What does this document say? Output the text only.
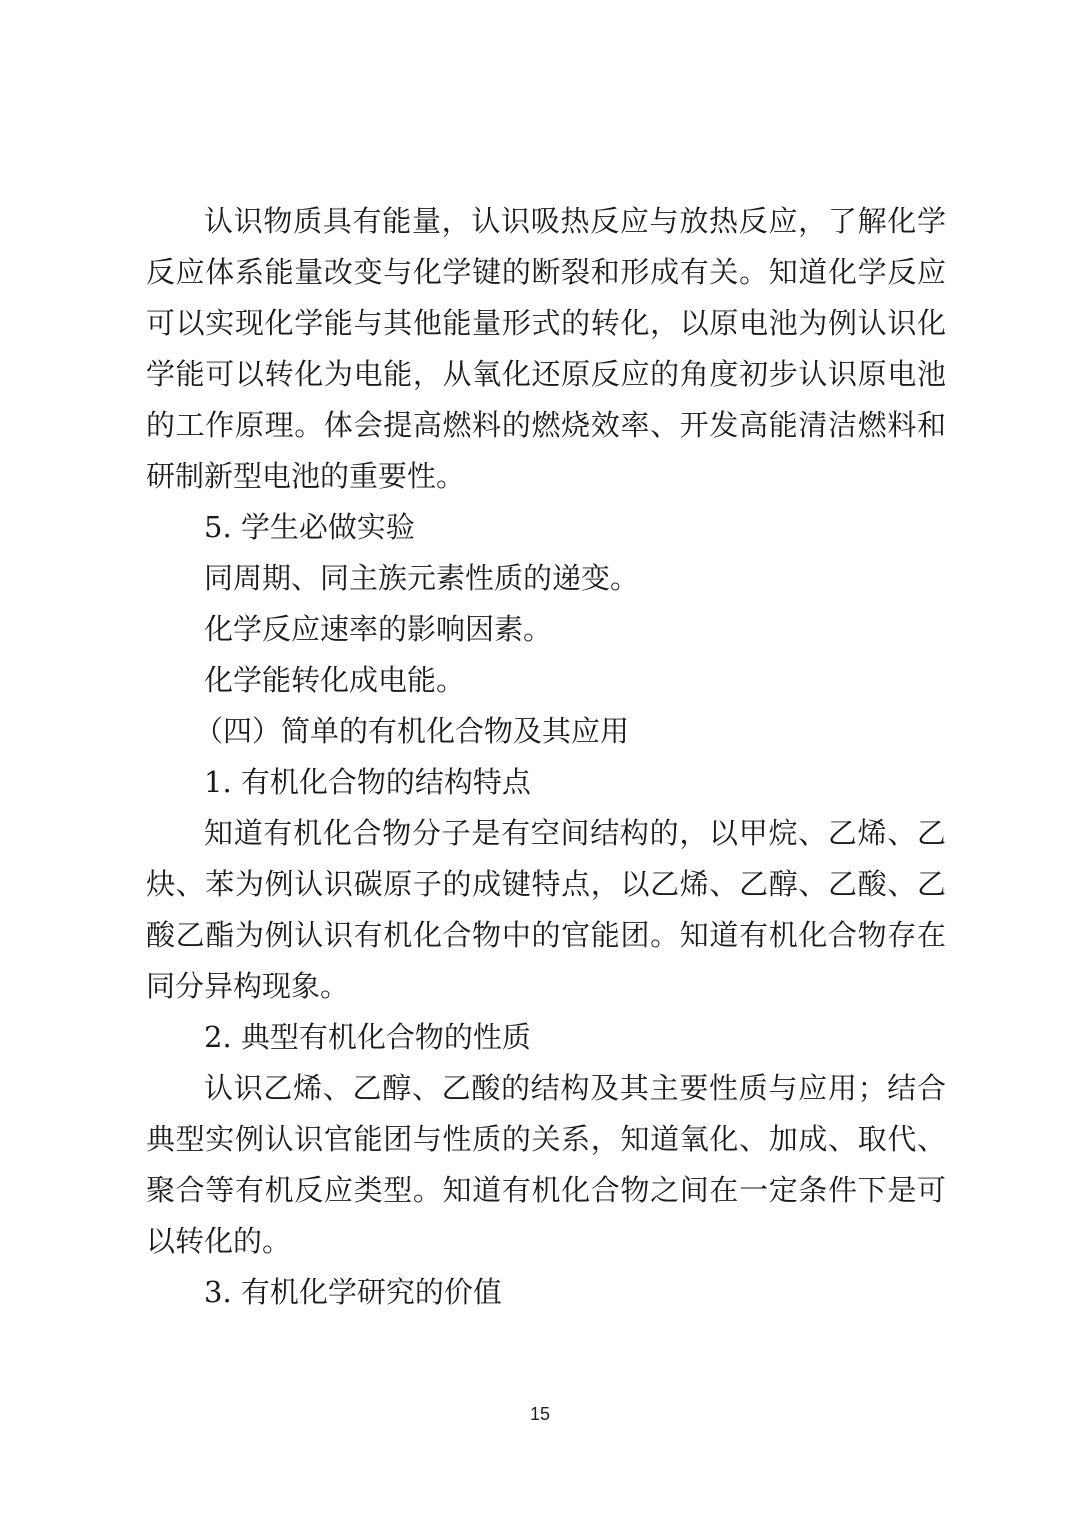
认识物质具有能量，认识吸热反应与放热反应，了解化学
反应体系能量改变与化学键的断裂和形成有关。知道化学反应
可以实现化学能与其他能量形式的转化，以原电池为例认识化
学能可以转化为电能，从氧化还原反应的角度初步认识原电池
的工作原理。体会提高燃料的燃烧效率、开发高能清洁燃料和
研制新型电池的重要性。
5. 学生必做实验
同周期、同主族元素性质的递变。
化学反应速率的影响因素。
化学能转化成电能。
（四）简单的有机化合物及其应用
1. 有机化合物的结构特点
知道有机化合物分子是有空间结构的，以甲烷、乙烯、乙
炔、苯为例认识碳原子的成键特点，以乙烯、乙醇、乙酸、乙
酸乙酯为例认识有机化合物中的官能团。知道有机化合物存在
同分异构现象。
2. 典型有机化合物的性质
认识乙烯、乙醇、乙酸的结构及其主要性质与应用；结合
典型实例认识官能团与性质的关系，知道氧化、加成、取代、
聚合等有机反应类型。知道有机化合物之间在一定条件下是可
以转化的。
3. 有机化学研究的价值
15
